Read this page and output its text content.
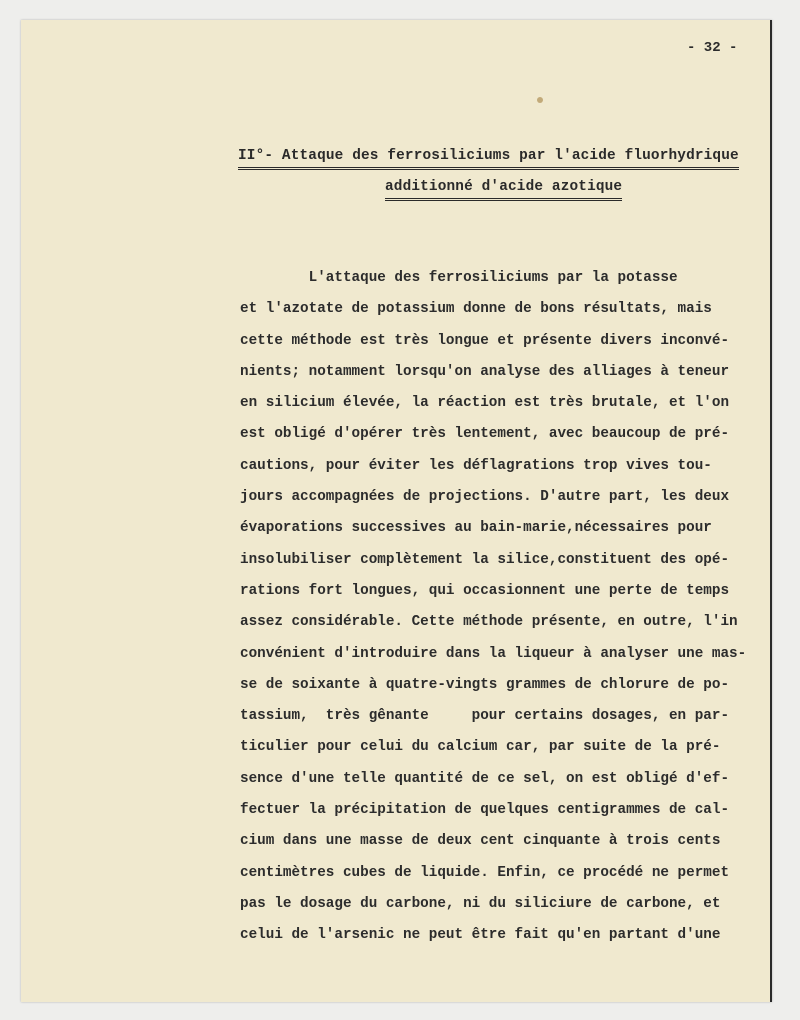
- 32 -
II°- Attaque des ferrosiliciums par l'acide fluorhydrique
additionné d'acide azotique
L'attaque des ferrosiliciums par la potasse
et l'azotate de potassium donne de bons résultats, mais
cette méthode est très longue et présente divers inconvé-
nients; notamment lorsqu'on analyse des alliages à teneur
en silicium élevée, la réaction est très brutale, et l'on
est obligé d'opérer très lentement, avec beaucoup de pré-
cautions, pour éviter les déflagrations trop vives tou-
jours accompagnées de projections. D'autre part, les deux
évaporations successives au bain-marie,nécessaires pour
insolubiliser complètement la silice,constituent des opé-
rations fort longues, qui occasionnent une perte de temps
assez considérable. Cette méthode présente, en outre, l'in
convénient d'introduire dans la liqueur à analyser une mas-
se de soixante à quatre-vingts grammes de chlorure de po-
tassium,  très gênante     pour certains dosages, en par-
ticulier pour celui du calcium car, par suite de la pré-
sence d'une telle quantité de ce sel, on est obligé d'ef-
fectuer la précipitation de quelques centigrammes de cal-
cium dans une masse de deux cent cinquante à trois cents
centimètres cubes de liquide. Enfin, ce procédé ne permet
pas le dosage du carbone, ni du siliciure de carbone, et
celui de l'arsenic ne peut être fait qu'en partant d'une
